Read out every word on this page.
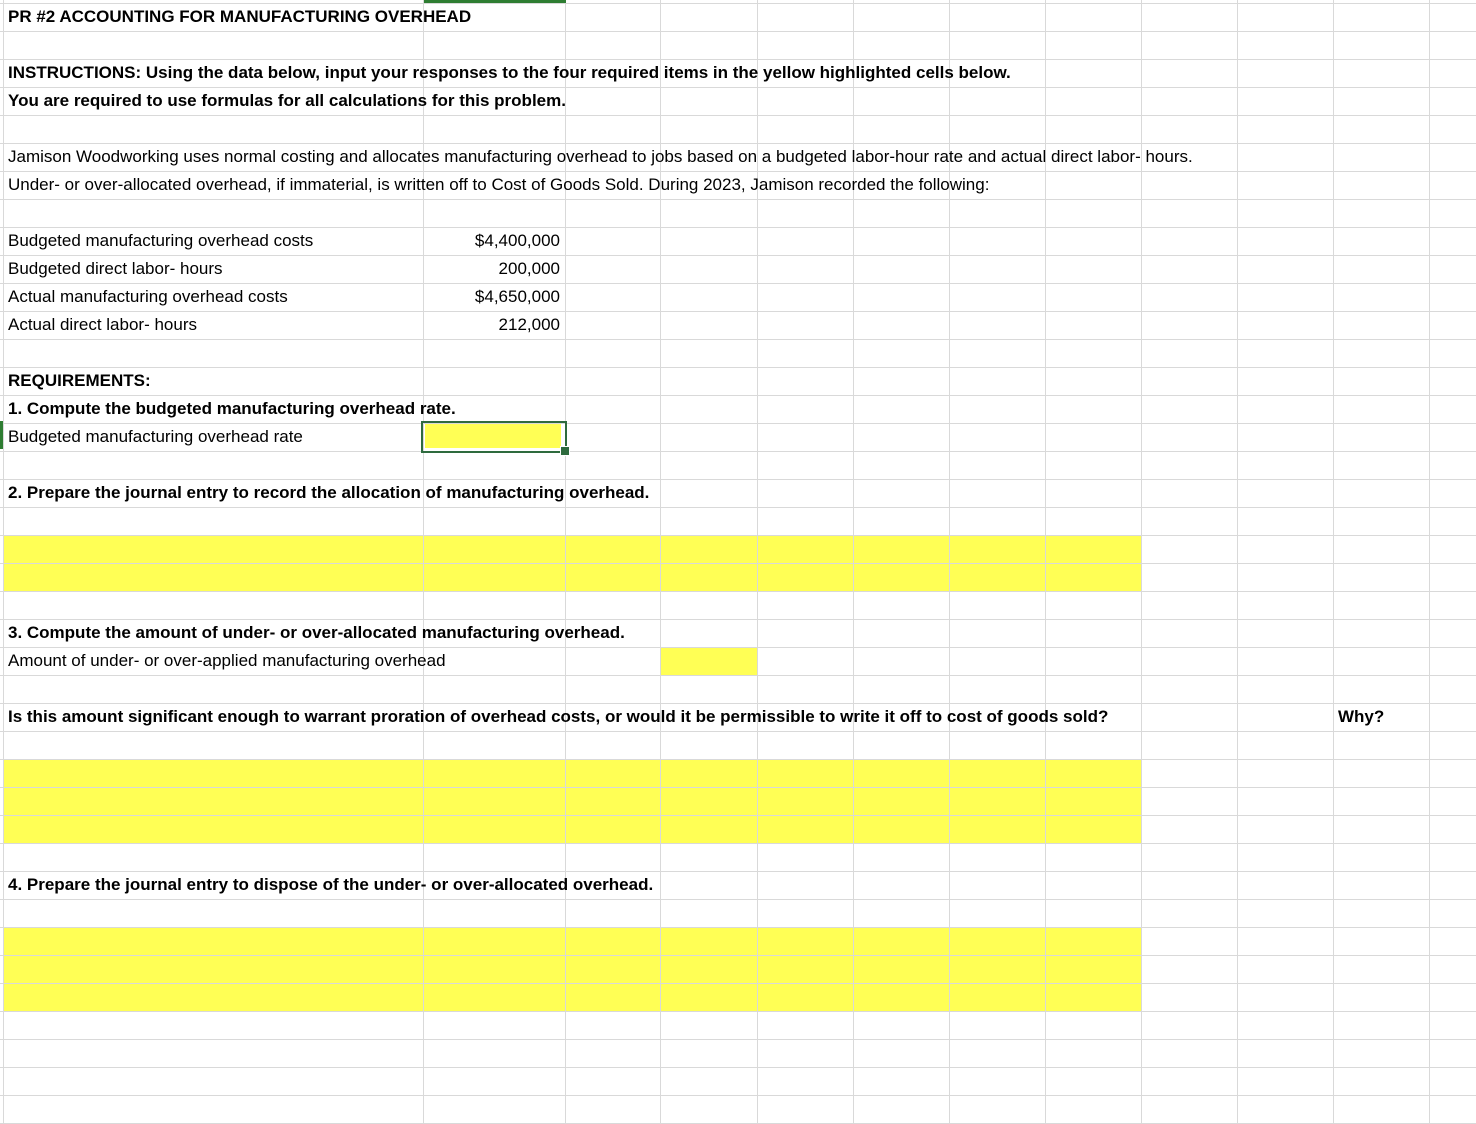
PR #2 ACCOUNTING FOR MANUFACTURING OVERHEAD
INSTRUCTIONS: Using the data below, input your responses to the four required items in the yellow highlighted cells below.
You are required to use formulas for all calculations for this problem.
Jamison Woodworking uses normal costing and allocates manufacturing overhead to jobs based on a budgeted labor-hour rate and actual direct labor- hours.
Under- or over-allocated overhead, if immaterial, is written off to Cost of Goods Sold. During 2023, Jamison recorded the following:
Budgeted manufacturing overhead costs	$4,400,000
Budgeted direct labor- hours	200,000
Actual manufacturing overhead costs	$4,650,000
Actual direct labor- hours	212,000
REQUIREMENTS:
1. Compute the budgeted manufacturing overhead rate.
Budgeted manufacturing overhead rate
2. Prepare the journal entry to record the allocation of manufacturing overhead.
3. Compute the amount of under- or over-allocated manufacturing overhead.
Amount of under- or over-applied manufacturing overhead
Is this amount significant enough to warrant proration of overhead costs, or would it be permissible to write it off to cost of goods sold?	Why?
4. Prepare the journal entry to dispose of the under- or over-allocated overhead.
